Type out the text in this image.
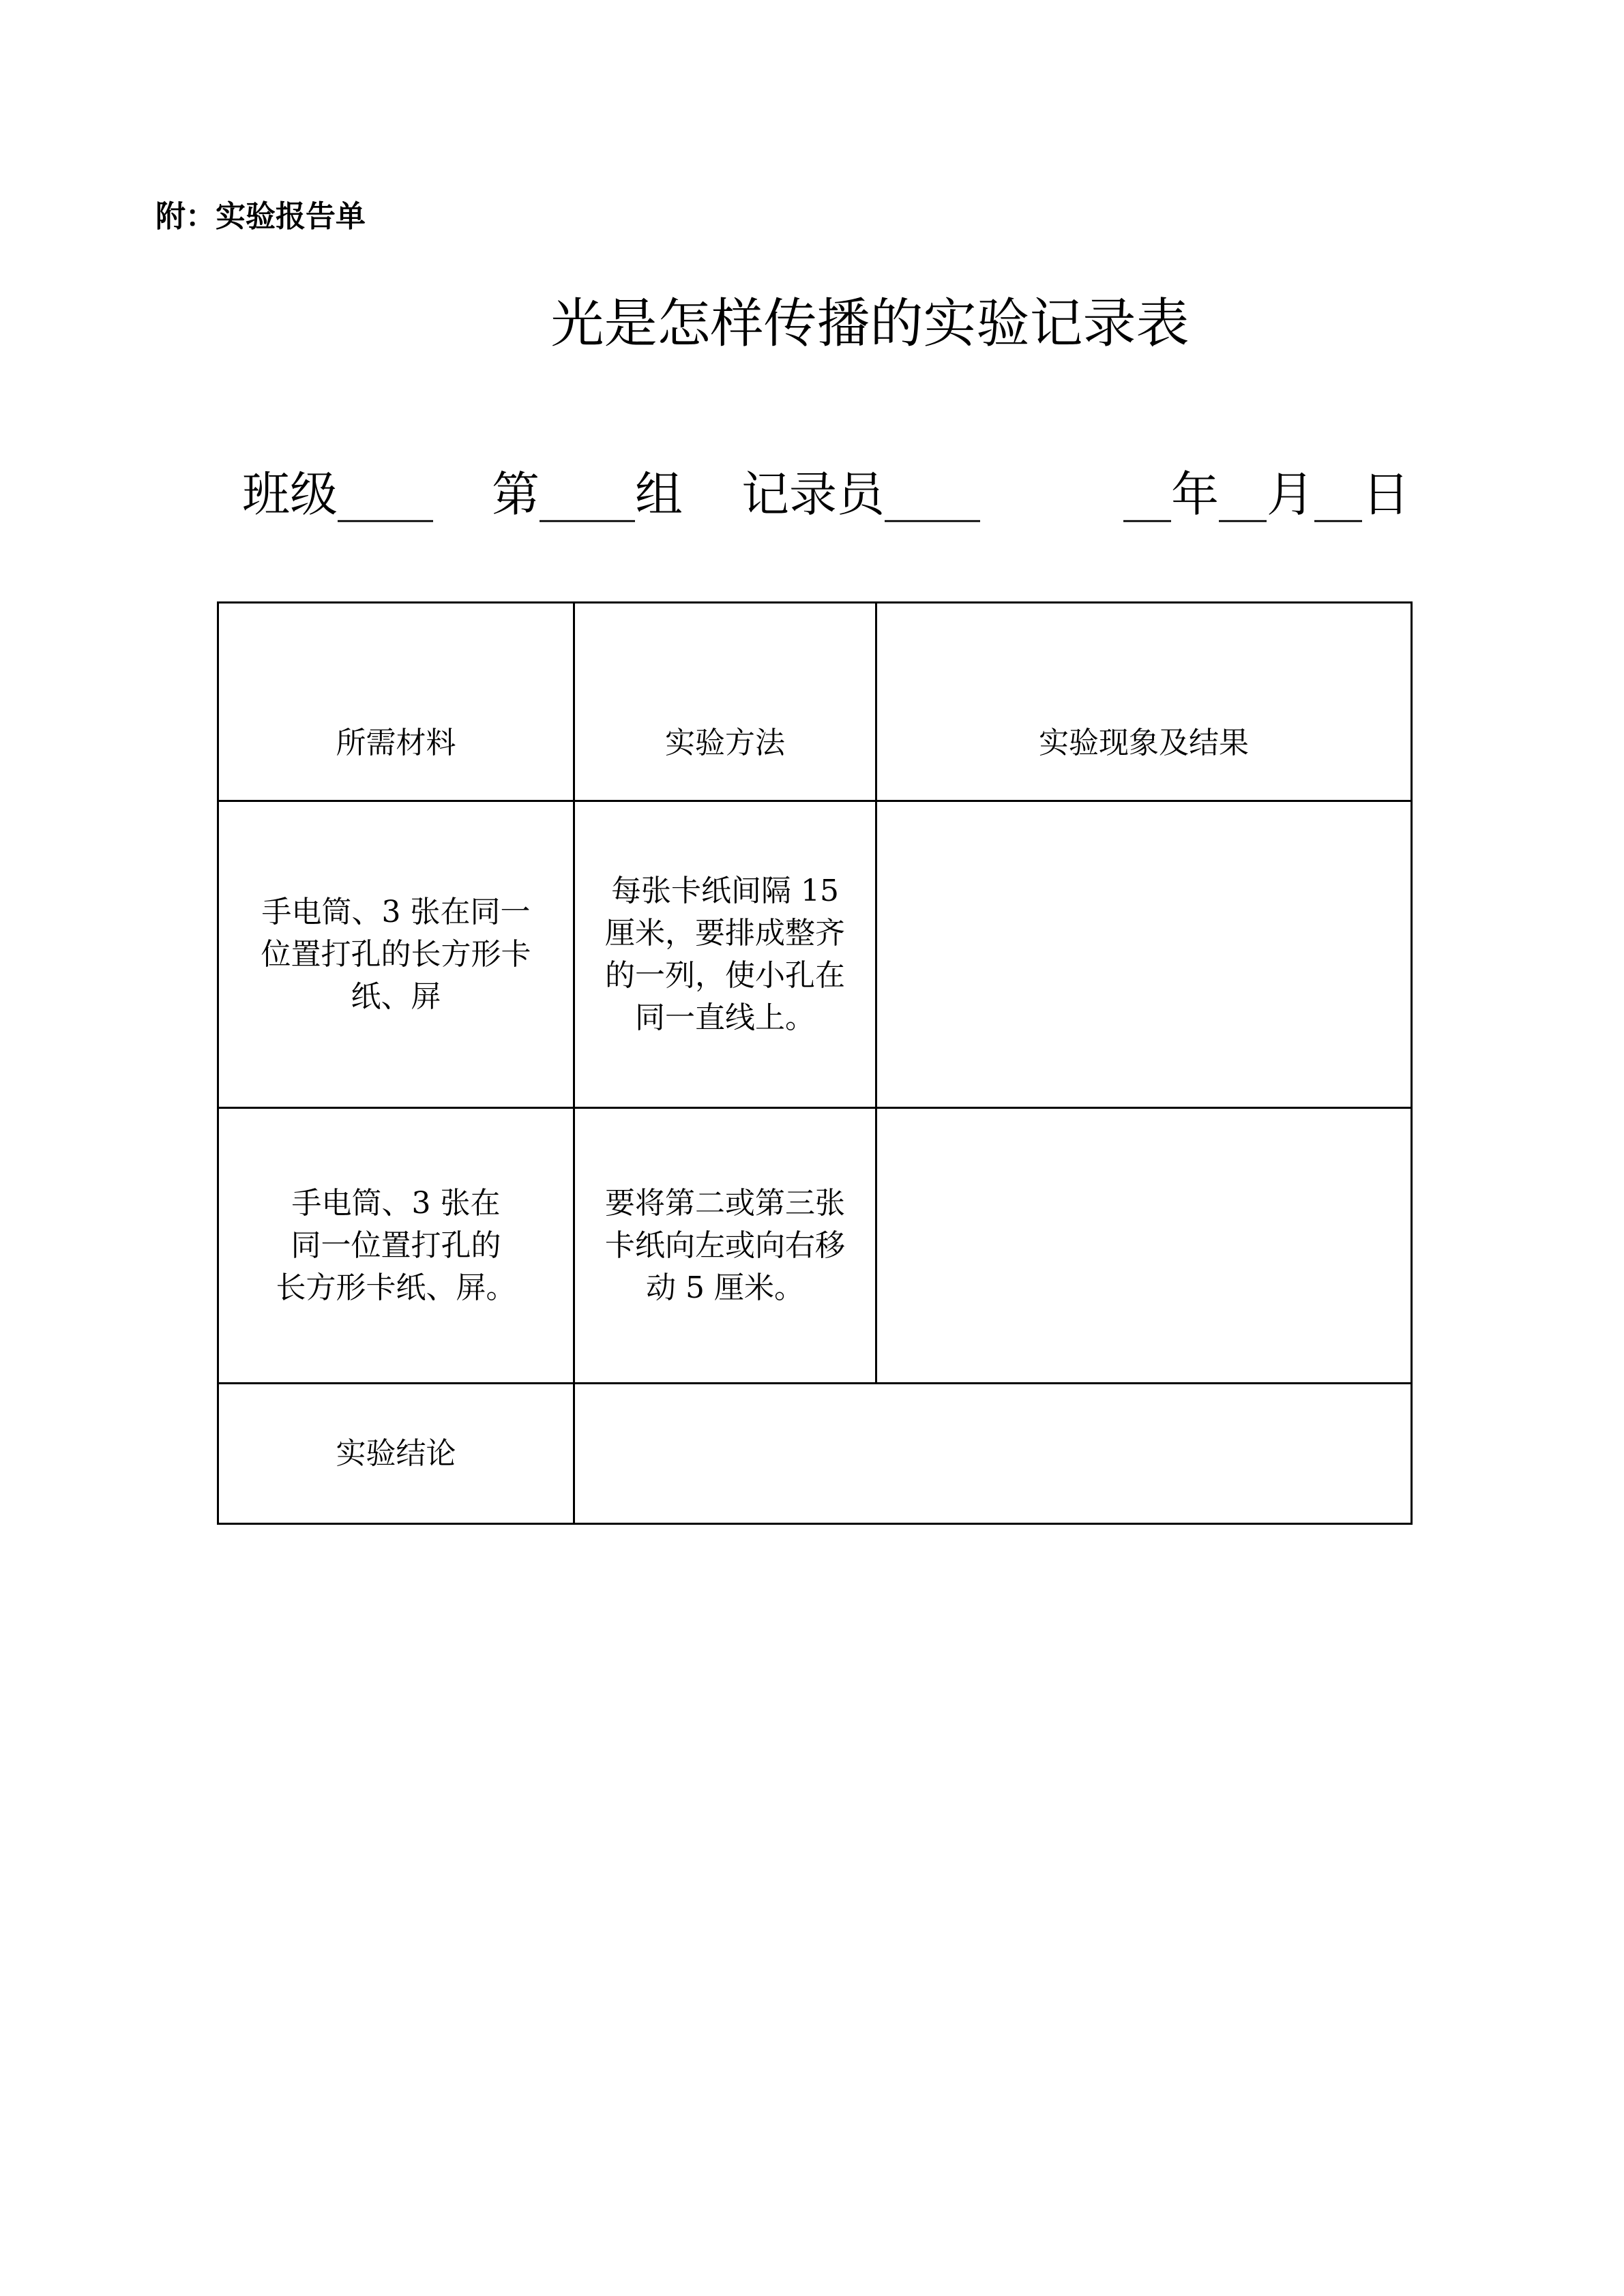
附：实验报告单
光是怎样传播的实验记录表
班级____ 第____组 记录员____	__年__月__日
所需材料	实验方法	实验现象及结果

手电筒、3 张在同一
位置打孔的长方形卡
纸、屏	每张卡纸间隔 15
厘米，要排成整齐
的一列，使小孔在
同一直线上。	

手电筒、3 张在
同一位置打孔的
长方形卡纸、屏。	要将第二或第三张
卡纸向左或向右移
动 5 厘米。	

实验结论		
